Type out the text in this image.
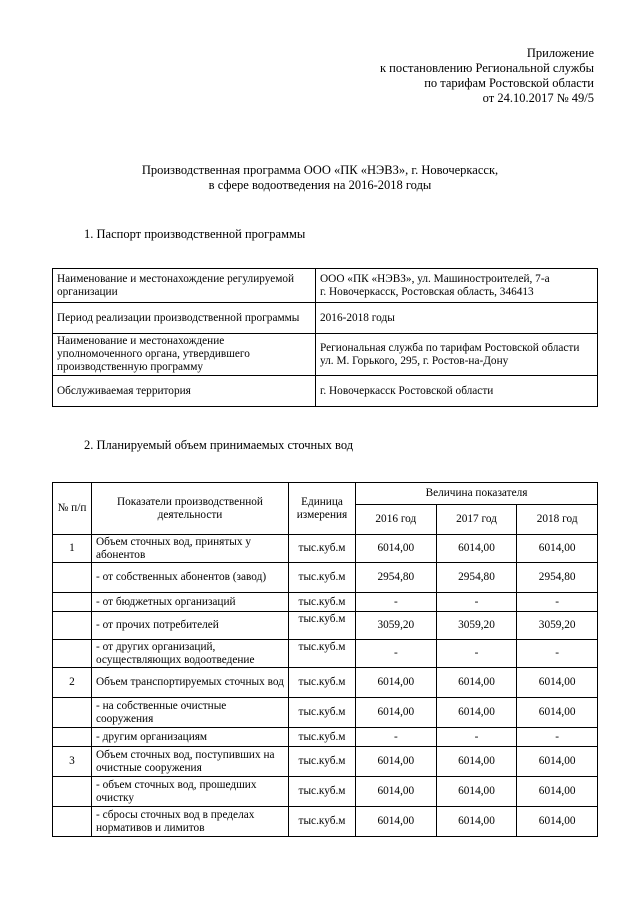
Приложение
к постановлению Региональной службы
по тарифам Ростовской области
от 24.10.2017 № 49/5
Производственная программа ООО «ПК «НЭВЗ», г. Новочеркасск,
в сфере водоотведения на 2016-2018 годы
1. Паспорт производственной программы
Наименование и местонахождение регулируемой организации	ООО «ПК «НЭВЗ», ул. Машиностроителей, 7-а
г. Новочеркасск, Ростовская область, 346413

Период реализации производственной программы	2016-2018 годы

Наименование и местонахождение уполномоченного органа, утвердившего производственную программу	Региональная служба по тарифам Ростовской области
ул. М. Горького, 295, г. Ростов-на-Дону

Обслуживаемая территория	г. Новочеркасск Ростовской области
2. Планируемый объем принимаемых сточных вод
№ п/п	Показатели производственной деятельности	Единица измерения	Величина показателя		
			2016 год	2017 год	2018 год
1	Объем сточных вод, принятых у абонентов	тыс.куб.м	6014,00	6014,00	6014,00
	- от собственных абонентов (завод)	тыс.куб.м	2954,80	2954,80	2954,80
	- от бюджетных организаций	тыс.куб.м	-	-	-
	- от прочих потребителей	тыс.куб.м	3059,20	3059,20	3059,20
	- от других организаций, осуществляющих водоотведение	тыс.куб.м	-	-	-
2	Объем транспортируемых сточных вод	тыс.куб.м	6014,00	6014,00	6014,00
	- на собственные очистные сооружения	тыс.куб.м	6014,00	6014,00	6014,00
	- другим организациям	тыс.куб.м	-	-	-
3	Объем сточных вод, поступивших на очистные сооружения	тыс.куб.м	6014,00	6014,00	6014,00
	- объем сточных вод, прошедших очистку	тыс.куб.м	6014,00	6014,00	6014,00
	- сбросы сточных вод в пределах нормативов и лимитов	тыс.куб.м	6014,00	6014,00	6014,00
